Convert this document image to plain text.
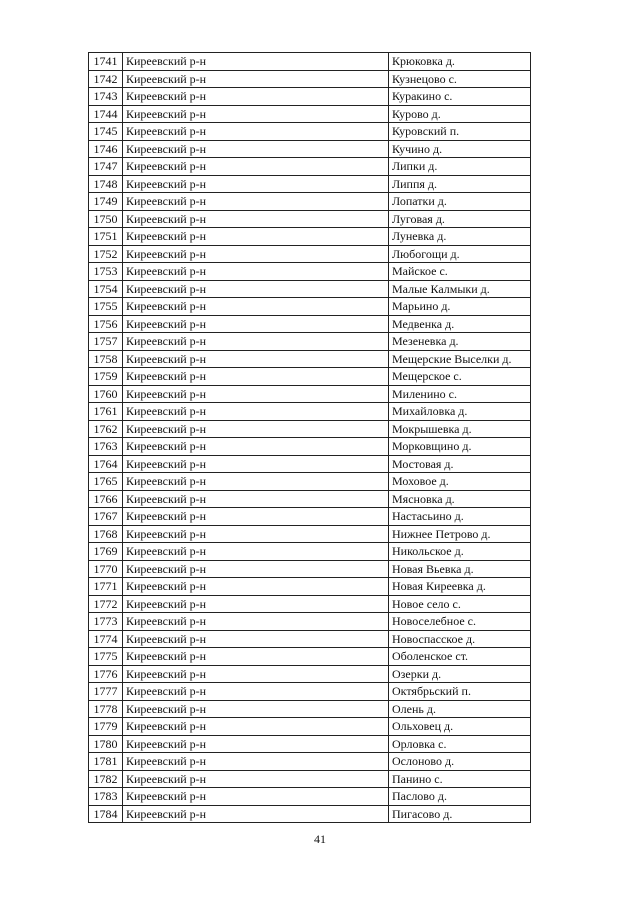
1741	Киреевский р-н	Крюковка д.
1742	Киреевский р-н	Кузнецово с.
1743	Киреевский р-н	Куракино с.
1744	Киреевский р-н	Курово д.
1745	Киреевский р-н	Куровский п.
1746	Киреевский р-н	Кучино д.
1747	Киреевский р-н	Липки д.
1748	Киреевский р-н	Липпя д.
1749	Киреевский р-н	Лопатки д.
1750	Киреевский р-н	Луговая д.
1751	Киреевский р-н	Луневка д.
1752	Киреевский р-н	Любогощи д.
1753	Киреевский р-н	Майское с.
1754	Киреевский р-н	Малые Калмыки д.
1755	Киреевский р-н	Марьино д.
1756	Киреевский р-н	Медвенка д.
1757	Киреевский р-н	Мезеневка д.
1758	Киреевский р-н	Мещерские Выселки д.
1759	Киреевский р-н	Мещерское с.
1760	Киреевский р-н	Миленино с.
1761	Киреевский р-н	Михайловка д.
1762	Киреевский р-н	Мокрышевка д.
1763	Киреевский р-н	Морковщино д.
1764	Киреевский р-н	Мостовая д.
1765	Киреевский р-н	Моховое д.
1766	Киреевский р-н	Мясновка д.
1767	Киреевский р-н	Настасьино д.
1768	Киреевский р-н	Нижнее Петрово д.
1769	Киреевский р-н	Никольское д.
1770	Киреевский р-н	Новая Вьевка д.
1771	Киреевский р-н	Новая Киреевка д.
1772	Киреевский р-н	Новое село с.
1773	Киреевский р-н	Новоселебное с.
1774	Киреевский р-н	Новоспасское д.
1775	Киреевский р-н	Оболенское ст.
1776	Киреевский р-н	Озерки д.
1777	Киреевский р-н	Октябрьский п.
1778	Киреевский р-н	Олень д.
1779	Киреевский р-н	Ольховец д.
1780	Киреевский р-н	Орловка с.
1781	Киреевский р-н	Ослоново д.
1782	Киреевский р-н	Панино с.
1783	Киреевский р-н	Паслово д.
1784	Киреевский р-н	Пигасово д.
41
